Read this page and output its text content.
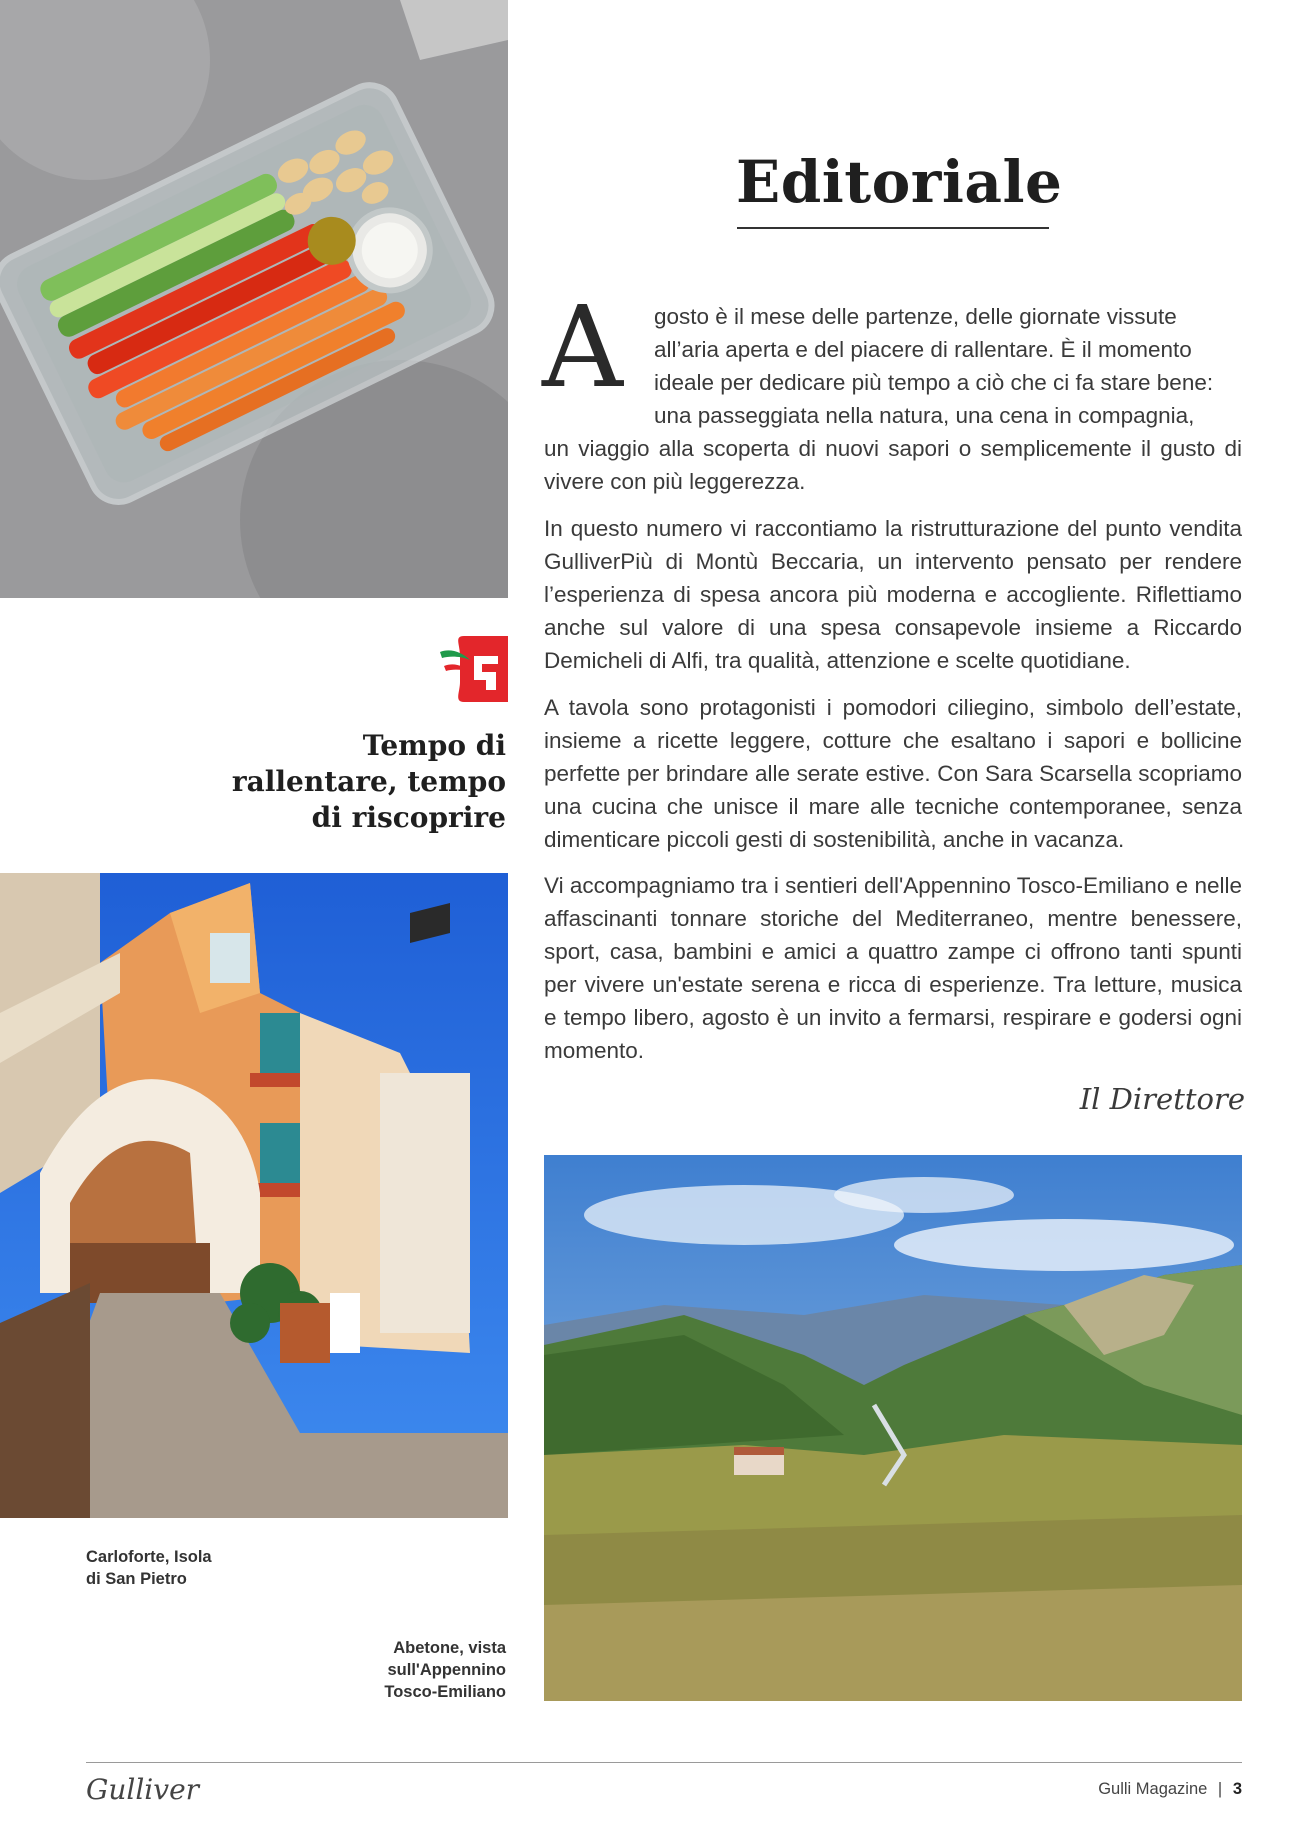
Editoriale
A	gosto è il mese delle partenze, delle giornate vissute
all’aria aperta e del piacere di rallentare. È il momento
ideale per dedicare più tempo a ciò che ci fa stare bene:
una passeggiata nella natura, una cena in compagnia,
un viaggio alla scoperta di nuovi sapori o semplicemente il gusto di vivere con più leggerezza.

In questo numero vi raccontiamo la ristrutturazione del punto vendita GulliverPiù di Montù Beccaria, un intervento pensato per rendere l’esperienza di spesa ancora più moderna e accogliente. Riflettiamo anche sul valore di una spesa consapevole insieme a Riccardo Demicheli di Alfi, tra qualità, attenzione e scelte quotidiane.

A tavola sono protagonisti i pomodori ciliegino, simbolo dell’estate, insieme a ricette leggere, cotture che esaltano i sapori e bollicine perfette per brindare alle serate estive. Con Sara Scarsella scopriamo una cucina che unisce il mare alle tecniche contemporanee, senza dimenticare piccoli gesti di sostenibilità, anche in vacanza.

Vi accompagniamo tra i sentieri dell'Appennino Tosco-Emiliano e nelle affascinanti tonnare storiche del Mediterraneo, mentre benessere, sport, casa, bambini e amici a quattro zampe ci offrono tanti spunti per vivere un'estate serena e ricca di esperienze. Tra letture, musica e tempo libero, agosto è un invito a fermarsi, respirare e godersi ogni momento.

Il Direttore
Tempo di
rallentare, tempo
di riscoprire

Carloforte, Isola
di San Pietro

Abetone, vista
sull'Appennino
Tosco-Emiliano

Gulliver	Gulli Magazine | 3
